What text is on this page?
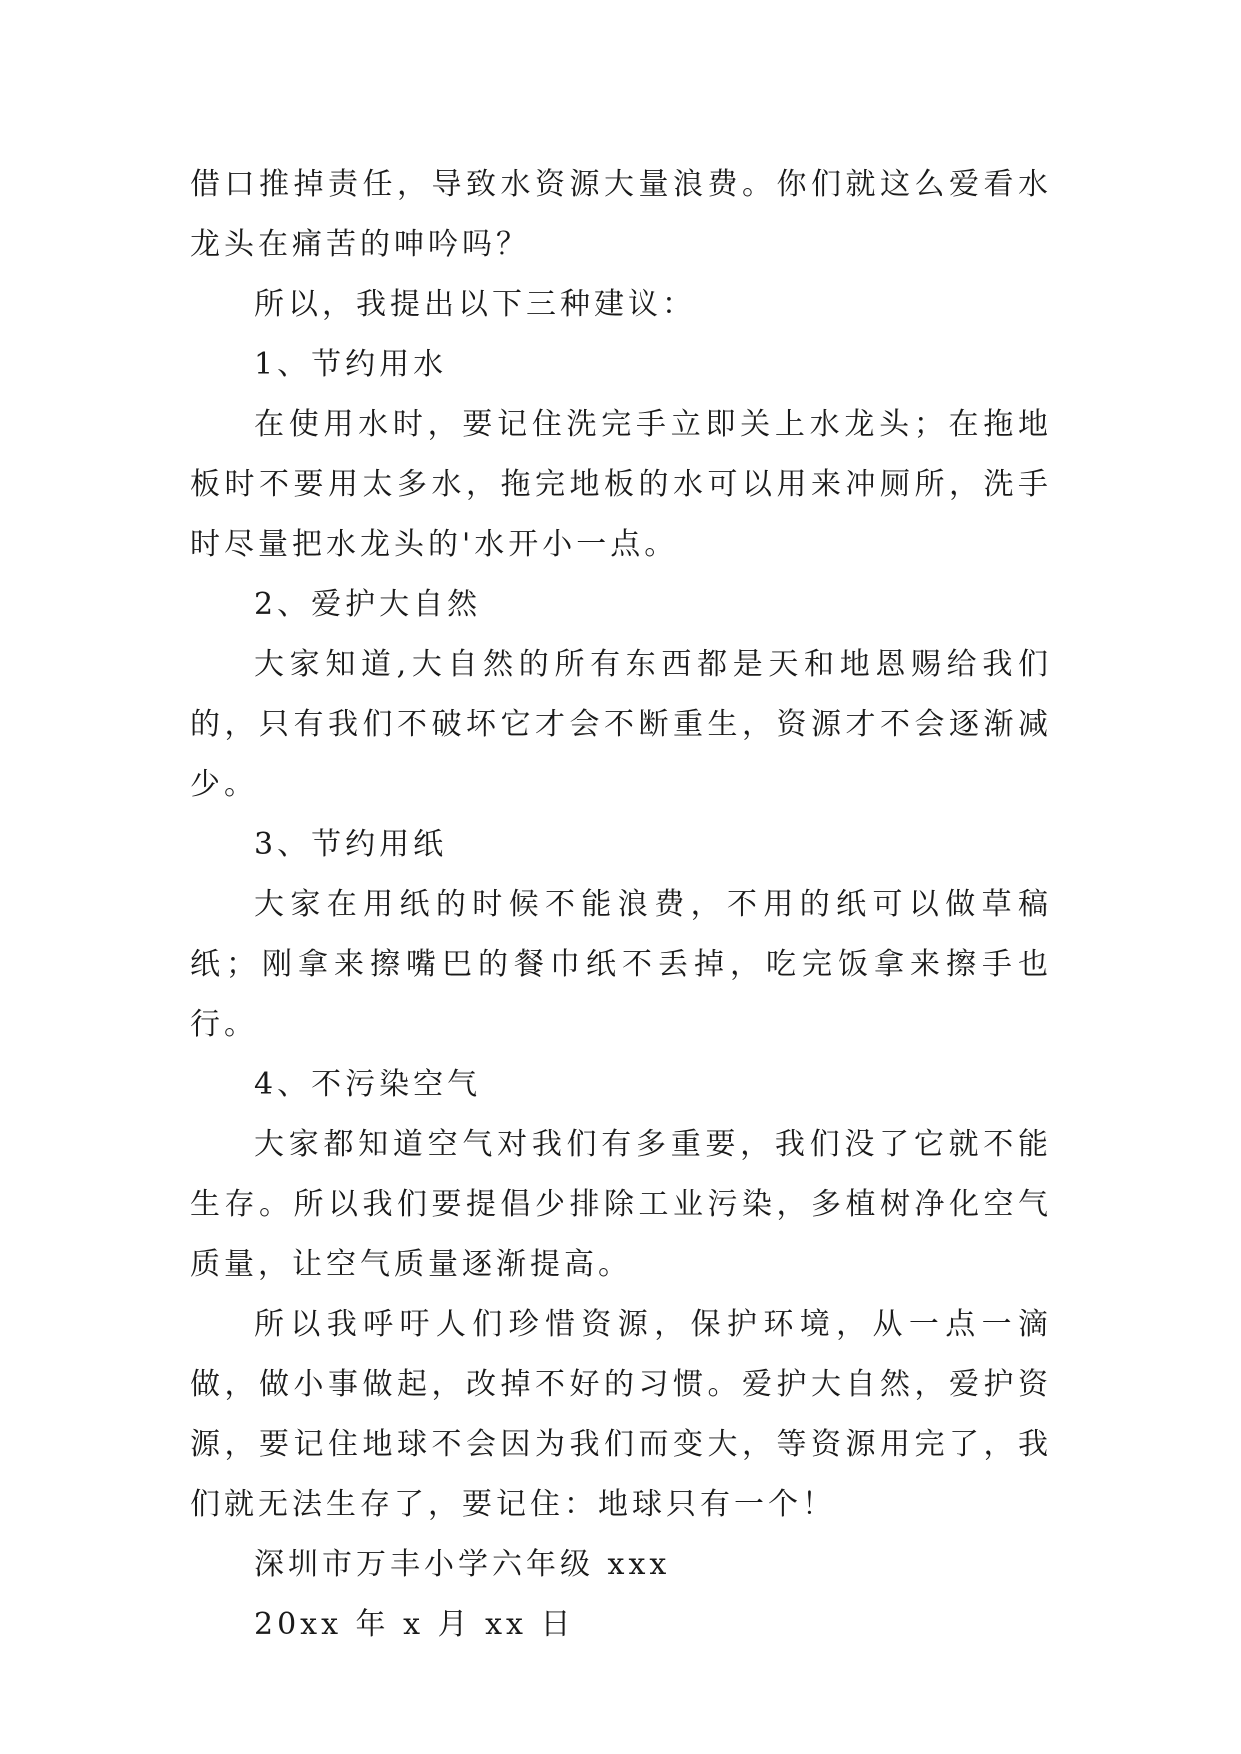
借口推掉责任，导致水资源大量浪费。你们就这么爱看水龙头在痛苦的呻吟吗？

所以，我提出以下三种建议：

1、节约用水

在使用水时，要记住洗完手立即关上水龙头；在拖地板时不要用太多水，拖完地板的水可以用来冲厕所，洗手时尽量把水龙头的'水开小一点。

2、爱护大自然

大家知道,大自然的所有东西都是天和地恩赐给我们的，只有我们不破坏它才会不断重生，资源才不会逐渐减少。

3、节约用纸

大家在用纸的时候不能浪费，不用的纸可以做草稿纸；刚拿来擦嘴巴的餐巾纸不丢掉，吃完饭拿来擦手也行。

4、不污染空气

大家都知道空气对我们有多重要，我们没了它就不能生存。所以我们要提倡少排除工业污染，多植树净化空气质量，让空气质量逐渐提高。

所以我呼吁人们珍惜资源，保护环境，从一点一滴做，做小事做起，改掉不好的习惯。爱护大自然，爱护资源，要记住地球不会因为我们而变大，等资源用完了，我们就无法生存了，要记住：地球只有一个！

深圳市万丰小学六年级 xxx

20xx 年 x 月 xx 日
